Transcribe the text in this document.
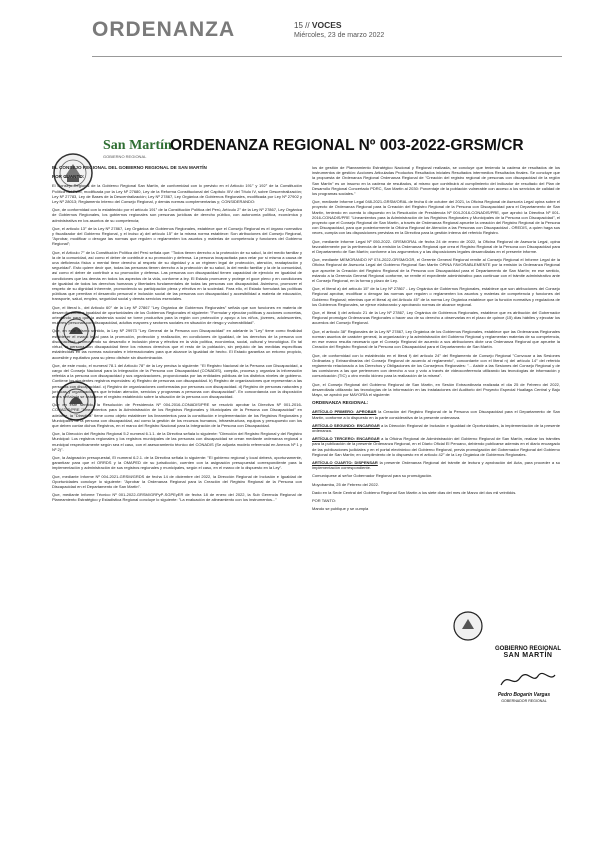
ORDENANZA	15 // VOCES
Miércoles, 23 de marzo 2022
San Martín
GOBIERNO REGIONAL
ORDENANZA REGIONAL Nº 003-2022-GRSM/CR

EL CONSEJO REGIONAL DEL GOBIERNO REGIONAL DE SAN MARTÍN

POR CUANTO:

El Consejo Regional de la Gobierno Regional San Martín, de conformidad con lo previsto en el Artículo 191° y 192° de la Constitución Política del Perú, modificada por la Ley Nº 27680, Ley de la Reforma Constitucional del Capítulo XIV del Título IV, sobre Descentralización; Ley Nº 27783, Ley de Bases de la Descentralización; Ley Nº 27867, Ley Orgánica de Gobiernos Regionales, modificada por Ley Nº 27902 y Ley Nº 28013; Reglamento Interno del Consejo Regional, y demás normas complementarias y; CONSIDERANDO:

Que, de conformidad con lo establecido por el artículo 191° de la Constitución Política del Perú, Artículo 2° de la Ley Nº 27867, Ley Orgánica de Gobiernos Regionales, los gobiernos regionales son personas jurídicas de derecho público, con autonomía política, económica y administrativa en los asuntos de su competencia;

Que, el artículo 13° de la Ley Nº 27867, Ley Orgánica de Gobiernos Regionales, establece que el Consejo Regional es el órgano normativo y fiscalizador del Gobierno Regional, y el inciso a) del artículo 15° de la misma norma establece: Son atribuciones del Consejo Regional, "Aprobar, modificar o derogar las normas que regulen o reglamenten los asuntos y materias de competencia y funciones del Gobierno Regional";

Que, el Artículo 7° de la Constitución Política del Perú señala que: "Todos tienen derecho a la protección de su salud, la del medio familiar y la de la comunidad, así como el deber de contribuir a su promoción y defensa. La persona incapacitada para velar por sí misma a causa de una deficiencia física o mental tiene derecho al respeto de su dignidad y a un régimen legal de protección, atención, readaptación y seguridad". Esto quiere decir que, todas las personas tienen derecho a la protección de su salud, la del medio familiar y la de la comunidad, así como el deber de contribuir a su promoción y defensa. Las personas con discapacidad tienen capacidad de ejercicio en igualdad de condiciones que las demás en todos los aspectos de la vida, conforme a ley. El Estado promueve y protege el goce pleno y en condiciones de igualdad de todos los derechos humanos y libertades fundamentales de todas las personas con discapacidad. Asimismo, promover el respeto de su dignidad inherente, promoviendo su participación plena y efectiva en la sociedad. Para ello, el Estado formulará las políticas públicas que permitan el desarrollo personal e inclusión social de las personas con discapacidad y accesibilidad a materia de educación, transporte, salud, empleo, seguridad social y demás servicios esenciales.

Que, el literal k., del Artículo 60° de la Ley Nº 27867 "Ley Orgánica de Gobiernos Regionales" señala que son funciones en materia de desarrollo social e igualdad de oportunidades de los Gobiernos Regionales el siguiente: "Formular y ejecutar políticas y acciones concretas, orientando para que la asistencia social se torne productiva para la región con protección y apoyo a los niños, jóvenes, adolescentes, mujeres, personas con discapacidad, adultos mayores y sectores sociales en situación de riesgo y vulnerabilidad".

Que, en este mismo sentido, la Ley Nº 29973 "Ley General de la Persona con Discapacidad" en adelante la "Ley" tiene como finalidad establecer el marco legal para la promoción, protección y realización, en condiciones de igualdad, de los derechos de la persona con discapacidad, promoviendo su desarrollo e inclusión plena y efectiva en la vida política, económica, social, cultural y tecnológica. En tal virtud, la persona con discapacidad tiene los mismos derechos que el resto de la población, sin perjuicio de las medidas específicas establecidas en las normas nacionales e internacionales para que alcance la igualdad de hecho. El Estado garantiza un entorno propicio, accesible y equitativo para su pleno disfrute sin discriminación.

Que, de este modo, el numeral 78.1 del Artículo 78° de la Ley precisa lo siguiente: "El Registro Nacional de la Persona con Discapacidad, a cargo del Consejo Nacional para la Integración de la Persona con Discapacidad (CONADIS), compila, procesa y organiza la información referida a la persona con discapacidad y sus organizaciones, proporcionada por las entidades públicas de los distintos niveles de gobierno. Contiene los siguientes registros especiales: a) Registro de personas con discapacidad. b) Registro de organizaciones que representan a las personas con discapacidad. c) Registro de organizaciones conformadas por personas con discapacidad. d) Registro de personas naturales y jurídicas y organizaciones que brindan atención, servicios y programas a personas con discapacidad". En concordancia con la disposición antes señalada se establece el registro establecido sobre la situación de la persona con discapacidad.

Que en este sentido, la Resolución de Presidencia Nº 004-2016-CONADIS/PRE se resolvió aprobar la Directiva Nº 001-2016-CONADIS/PRE "Lineamientos para la Administración de los Registros Regionales y Municipales de la Persona con Discapacidad" en adelante, la "Directiva" tiene como objeto establecer los lineamientos para la constitución e implementación de los Registros Regionales y Municipales de la persona con discapacidad, así como la gestión de los recursos humanos, infraestructura, equipos y presupuesto con los que deben contar dichos Registros, en el marco del Registro Nacional para la Integración de la Persona con Discapacidad.

Que, la Dirección del Registro Regional 5.2 numeral 6.1.1. de la Directiva señala lo siguiente: "Dirección del Registro Regional y del Registro Municipal: Los registros regionales y los registros municipales de las personas con discapacidad se crean mediante ordenanza regional o municipal respectivamente según sea el caso, con el asesoramiento técnico del CONADIS (Se adjunta modelo referencial en Anexos Nº 1 y Nº 2)".

Que, la Asignación presupuestal, El numeral 6.2.1. de la Directiva señala lo siguiente: "El gobierno regional y local deberá, oportunamente, garantizar para que el ORRDS y la OMAPED de su jurisdicción, cuenten con la asignación presupuestal correspondiente para la implementación y administración de sus registros regionales y municipales, según el caso, en el marco de lo dispuesto en la Ley".

Que, mediante Informe Nº 004-2021-GRSM/GRDS de fecha 14 de diciembre del 2022, la Dirección Regional de Inclusión e Igualdad de Oportunidades concluye lo siguiente: "Aprobar la Ordenanza Regional para la Creación del Registro Regional de la Persona con Discapacidad en el Departamento de San Martín".

Que, mediante Informe Técnico Nº 001-2022-GRSM/GRPyP-SGPEyER de fecha 18 de enero del 2022, la Sub Gerencia Regional de Planeamiento Estratégico y Estadística Regional concluye lo siguiente: "La evaluación de alineamiento con los instrumentos..."

los de gestión de Planeamiento Estratégico Nacional y Regional realizada, se concluye que teniendo la cadena de resultados de los instrumentos de gestión: Acciones Articuladas Productos Resultados iniciales Resultados intermedios Resultados finales. Se concluye que la propuesta de Ordenanza Regional Ordenanza Regional de "Creación del registro regional de personas con discapacidad de la región San Martín" es un insumo en la cadena de resultados, al mismo que contribuirá al cumplimiento del indicador de resultado del Plan de Desarrollo Regional Concertado PDRC, San Martín al 2030: Porcentaje de la población vulnerable con acceso a los servicios de calidad de los programas sociales."

Que, mediante Informe Legal 048-2021-GRSM/ORAL de fecha 6 de octubre del 2021, la Oficina Regional de Asesoría Legal opina sobre el proyecto de Ordenanza Regional para la Creación del Registro Regional de la Persona con Discapacidad para el Departamento de San Martín, teniendo en cuenta lo dispuesto en la Resolución de Presidencia Nº 004-2016-CONADIS/PRE, que aprobó la Directiva Nº 001-2016-CONADIS/PRE "Lineamientos para la Administración de los Registros Regionales y Municipales de la Persona con Discapacidad", el proyecto que el Consejo Regional de San Martín, a través de Ordenanza Regional apruebe la creación del Registro Regional de la Persona con Discapacidad, para que posteriormente la Oficina Regional de Atención a las Personas con Discapacidad - OREDIS, a quien haga sus veces, cumpla con las disposiciones previstas en la Directiva para la gestión interna del referido Registro.

Que, mediante Informe Legal Nº 050-2022- GRSM/ORAL de fecha 24 de enero de 2022, la Oficina Regional de Asesoría Legal, opina favorablemente por la pertinencia de la emisión la Ordenanza Regional que crea el Registro Regional de la Persona con Discapacidad para el Departamento de San Martín; conforme a los argumentos y a las disposiciones legales desarrolladas en el presente informe.

Que, mediante MEMORANDO Nº 074-2022-GRSM/GGR, el Gerente General Regional remite al Consejo Regional el Informe Legal de la Oficina Regional de Asesoría Legal del Gobierno Regional San Martín OPINA FAVORABLEMENTE por la emisión la Ordenanza Regional que apruebe la Creación del Registro Regional de la Persona con Discapacidad para el Departamento de San Martín; en ese sentido, estando a la Gerencia General Regional conforme, se remite el expediente administrativo para continuar con el trámite administrativo ante el Consejo Regional, en la forma y plazo de Ley.

Que, el literal a) del artículo 15° de la Ley Nº 27867 - Ley Orgánica de Gobiernos Regionales, establece que son atribuciones del Consejo Regional aprobar, modificar o derogar las normas que regulen o reglamenten los asuntos y materias de competencia y funciones del Gobierno Regional; mientras que el literal a) del Artículo 45° de la norma Ley Orgánica establece que la función normativa y reguladora de los Gobiernos Regionales, se ejerce elaborando y aprobando normas de alcance regional.

Que, el literal i) del artículo 21 de la Ley Nº 27867, Ley Orgánica de Gobiernos Regionales, establece que es atribución del Gobernador Regional promulgar Ordenanzas Regionales o hacer uso de su derecho a observarlas en el plazo de quince (15) días hábiles y ejecutar los acuerdos del Consejo Regional.

Que, el artículo 38° Regionales de la Ley Nº 27867, Ley Orgánica de los Gobiernos Regionales, establece que las Ordenanzas Regionales norman asuntos de carácter general, la organización y la administración del Gobierno Regional y reglamentan materias de su competencia, en ese marco resulta necesario que el Consejo Regional de acuerdo a sus atribuciones dicte una Ordenanza Regional que apruebe la Creación del Registro Regional de la Persona con Discapacidad para el Departamento de San Martín.

Que, de conformidad con lo establecido en el literal f) del artículo 24° del Reglamento de Consejo Regional "Convocar a las Sesiones Ordinarias y Extraordinarias del Consejo Regional de acuerdo al reglamento", concordante con el literal n) del artículo 14° del referido reglamento relacionado a los Derechos y Obligaciones de los Consejeros Regionales: "... Asistir a las Sesiones del Consejo Regional y de las comisiones a las que pertenecen con derecho a voz y voto a través de videoconferencia utilizando las tecnologías de información y comunicación (TIC) u otro medio idóneo para la realización de la misma".

Que, el Consejo Regional del Gobierno Regional de San Martín, en Sesión Extraordinaria realizada el día 25 de Febrero del 2022, desarrollada utilizando las tecnologías de la información en las instalaciones del Auditorio del Proyecto Especial Huallaga Central y Bajo Mayo, se aprobó por MAYORÍA el siguiente:

ORDENANZA REGIONAL:

ARTÍCULO PRIMERO: APROBAR la Creación del Registro Regional de la Persona con Discapacidad para el Departamento de San Martín, conforme a lo dispuesto en la parte considerativa de la presente ordenanza.

ARTÍCULO SEGUNDO: ENCARGAR a la Dirección Regional de Inclusión e Igualdad de Oportunidades, la implementación de la presente ordenanza.

ARTÍCULO TERCERO: ENCARGAR a la Oficina Regional de Administración del Gobierno Regional de San Martín, realizar los trámites para la publicación de la presente Ordenanza Regional, en el Diario Oficial El Peruano, debiendo publicarse además en el diario encargado de las publicaciones judiciales y en el portal electrónico del Gobierno Regional, previa promulgación del Gobernador Regional del Gobierno Regional de San Martín; en cumplimiento de lo dispuesto en el artículo 42° de la Ley Orgánica de Gobiernos Regionales.

ARTÍCULO CUARTO: DISPENSAR la presente Ordenanza Regional del trámite de lectura y aprobación del Acta, para proceder a su implementación correspondiente.

Comuníquese al señor Gobernador Regional para su promulgación.

Moyobamba, 25 de Febrero del 2022.

Dado en la Sede Central del Gobierno Regional San Martín a los siete días del mes de Marzo del dos mil veintidós.

POR TANTO:

Mando se publique y se cumpla

GOBIERNO REGIONAL
SAN MARTÍN
Pedro Bogarín Vargas
GOBERNADOR REGIONAL
